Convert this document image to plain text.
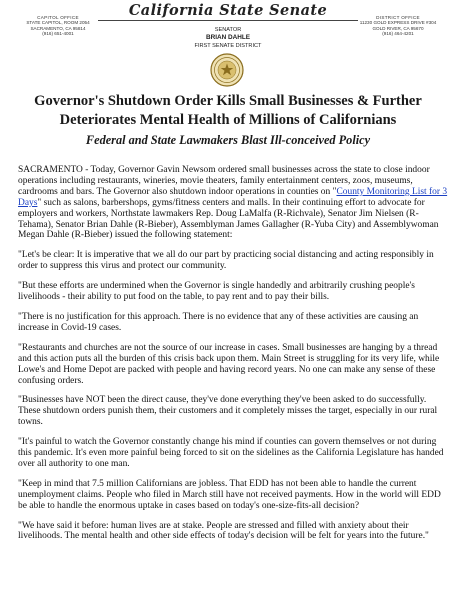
CAPITOL OFFICE
STATE CAPITOL, ROOM 2054
SACRAMENTO, CA 95814
(916) 651-4001
California State Senate	DISTRICT OFFICE
11230 GOLD EXPRESS DRIVE #304
GOLD RIVER, CA 95670
(916) 464-4201
SENATOR
BRIAN DAHLE
FIRST SENATE DISTRICT
Governor's Shutdown Order Kills Small Businesses & Further Deteriorates Mental Health of Millions of Californians
Federal and State Lawmakers Blast Ill-conceived Policy

SACRAMENTO - Today, Governor Gavin Newsom ordered small businesses across the state to close indoor operations including restaurants, wineries, movie theaters, family entertainment centers, zoos, museums, cardrooms and bars. The Governor also shutdown indoor operations in counties on "County Monitoring List for 3 Days" such as salons, barbershops, gyms/fitness centers and malls. In their continuing effort to advocate for employers and workers, Northstate lawmakers Rep. Doug LaMalfa (R-Richvale), Senator Jim Nielsen (R-Tehama), Senator Brian Dahle (R-Bieber), Assemblyman James Gallagher (R-Yuba City) and Assemblywoman Megan Dahle (R-Bieber) issued the following statement:

"Let's be clear: It is imperative that we all do our part by practicing social distancing and acting responsibly in order to suppress this virus and protect our community.

"But these efforts are undermined when the Governor is single handedly and arbitrarily crushing people's livelihoods - their ability to put food on the table, to pay rent and to pay their bills.

"There is no justification for this approach. There is no evidence that any of these activities are causing an increase in Covid-19 cases.

"Restaurants and churches are not the source of our increase in cases. Small businesses are hanging by a thread and this action puts all the burden of this crisis back upon them. Main Street is struggling for its very life, while Lowe's and Home Depot are packed with people and having record years. No one can make any sense of these confusing orders.

"Businesses have NOT been the direct cause, they've done everything they've been asked to do successfully. These shutdown orders punish them, their customers and it completely misses the target, especially in our rural towns.

"It's painful to watch the Governor constantly change his mind if counties can govern themselves or not during this pandemic. It's even more painful being forced to sit on the sidelines as the California Legislature has handed over all authority to one man.

"Keep in mind that 7.5 million Californians are jobless. That EDD has not been able to handle the current unemployment claims. People who filed in March still have not received payments. How in the world will EDD be able to handle the enormous uptake in cases based on today's one-size-fits-all decision?

"We have said it before: human lives are at stake. People are stressed and filled with anxiety about their livelihoods. The mental health and other side effects of today's decision will be felt for years into the future."
